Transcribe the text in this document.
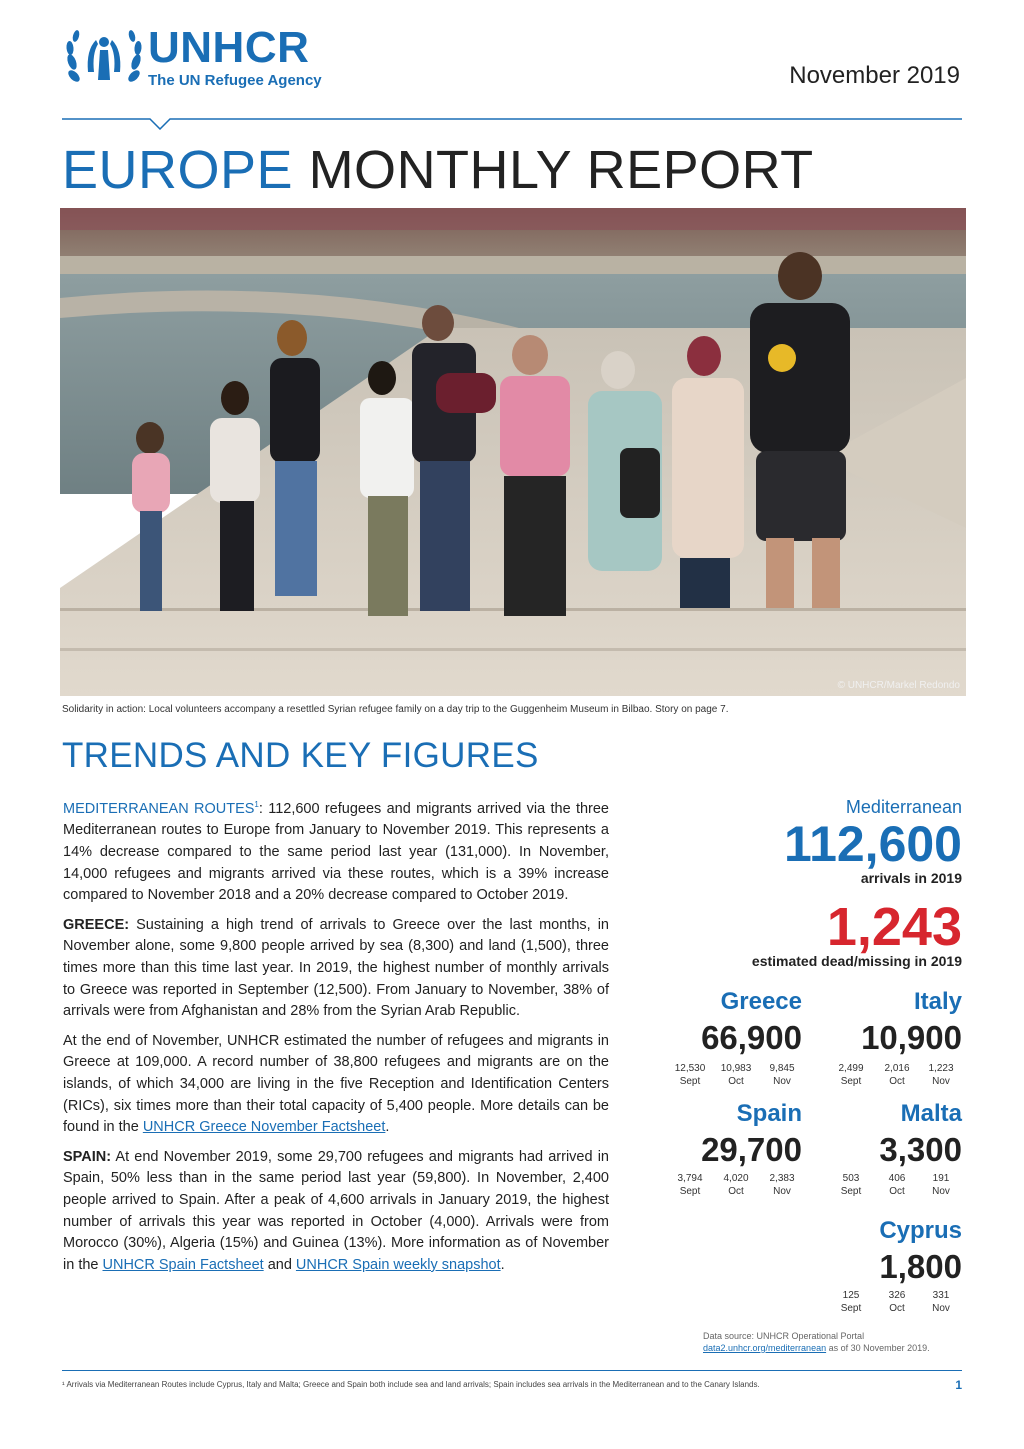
UNHCR
The UN Refugee Agency	November 2019
EUROPE MONTHLY REPORT
© UNHCR/Markel Redondo
Solidarity in action: Local volunteers accompany a resettled Syrian refugee family on a day trip to the Guggenheim Museum in Bilbao. Story on page 7.
TRENDS AND KEY FIGURES

MEDITERRANEAN ROUTES$^1$: 112,600 refugees and migrants arrived via the three Mediterranean routes to Europe from January to November 2019. This represents a 14% decrease compared to the same period last year (131,000). In November, 14,000 refugees and migrants arrived via these routes, which is a 39% increase compared to November 2018 and a 20% decrease compared to October 2019.

GREECE: Sustaining a high trend of arrivals to Greece over the last months, in November alone, some 9,800 people arrived by sea (8,300) and land (1,500), three times more than this time last year. In 2019, the highest number of monthly arrivals to Greece was reported in September (12,500). From January to November, 38% of arrivals were from Afghanistan and 28% from the Syrian Arab Republic.

At the end of November, UNHCR estimated the number of refugees and migrants in Greece at 109,000. A record number of 38,800 refugees and migrants are on the islands, of which 34,000 are living in the five Reception and Identification Centers (RICs), six times more than their total capacity of 5,400 people. More details can be found in the UNHCR Greece November Factsheet.

SPAIN: At end November 2019, some 29,700 refugees and migrants had arrived in Spain, 50% less than in the same period last year (59,800). In November, 2,400 people arrived to Spain. After a peak of 4,600 arrivals in January 2019, the highest number of arrivals this year was reported in October (4,000). Arrivals were from Morocco (30%), Algeria (15%) and Guinea (13%). More information as of November in the UNHCR Spain Factsheet and UNHCR Spain weekly snapshot.

Mediterranean
112,600
arrivals in 2019
1,243
estimated dead/missing in 2019
Greece
66,900
12,530
Sept
10,983
Oct
9,845
Nov
Italy
10,900
2,499
Sept
2,016
Oct
1,223
Nov
Spain
29,700
3,794
Sept
4,020
Oct
2,383
Nov
Malta
3,300
503
Sept
406
Oct
191
Nov
Cyprus
1,800
125
Sept
326
Oct
331
Nov
Data source: UNHCR Operational Portal data2.unhcr.org/mediterranean as of 30 November 2019.
¹ Arrivals via Mediterranean Routes include Cyprus, Italy and Malta; Greece and Spain both include sea and land arrivals; Spain includes sea arrivals in the Mediterranean and to the Canary Islands.	1
